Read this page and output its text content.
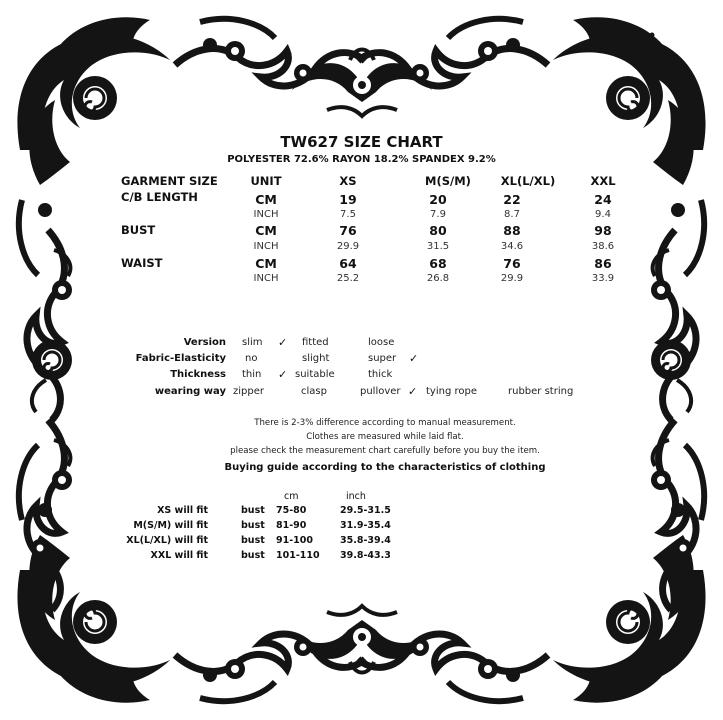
TW627 SIZE CHART
POLYESTER 72.6% RAYON 18.2% SPANDEX 9.2%
GARMENT SIZE	UNIT	XS	M(S/M)	XL(L/XL)	XXL
C/B LENGTH	CM	19	20	22	24
INCH	7.5	7.9	8.7	9.4
BUST	CM	76	80	88	98
INCH	29.9	31.5	34.6	38.6
WAIST	CM	64	68	76	86
INCH	25.2	26.8	29.9	33.9
Version slim ✓ fitted	loose
Fabric-Elasticity no	slight	super ✓
Thickness thin ✓ suitable	thick
wearing way zipper	clasp	pullover ✓ tying rope	rubber string
There is 2-3% difference according to manual measurement.
Clothes are measured while laid flat.
please check the measurement chart carefully before you buy the item.
Buying guide according to the characteristics of clothing
cm	inch
XS will fit	bust 75-80	29.5-31.5
M(S/M) will fit	bust 81-90	31.9-35.4
XL(L/XL) will fit	bust 91-100	35.8-39.4
XXL will fit	bust 101-110 39.8-43.3
